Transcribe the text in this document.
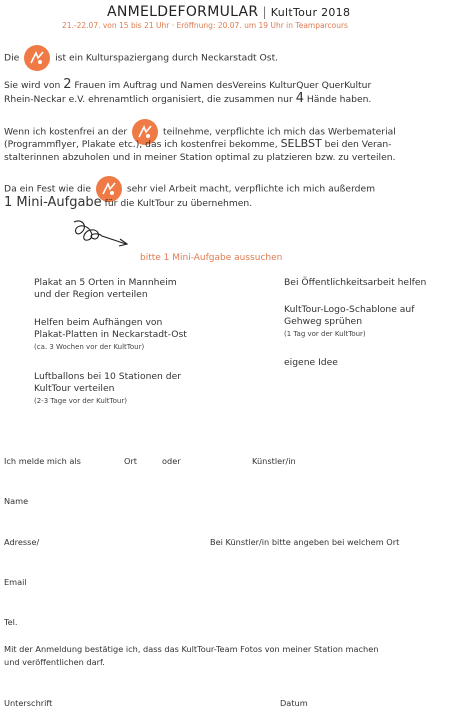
ANMELDEFORMULAR | KultTour 2018
21.-22.07. von 15 bis 21 Uhr · Eröffnung: 20.07. um 19 Uhr in Teamparcours
Die	ist ein Kulturspaziergang durch Neckarstadt Ost.
Sie wird von 2 Frauen im Auftrag und Namen desVereins KulturQuer QuerKultur
Rhein-Neckar e.V. ehrenamtlich organisiert, die zusammen nur 4 Hände haben.
Wenn ich kostenfrei an der	teilnehme, verpflichte ich mich das Werbematerial
(Programmflyer, Plakate etc.), das ich kostenfrei bekomme, SELBST bei den Veran-
stalterinnen abzuholen und in meiner Station optimal zu platzieren bzw. zu verteilen.
Da ein Fest wie die	sehr viel Arbeit macht, verpflichte ich mich außerdem
1 Mini-Aufgabe für die KultTour zu übernehmen.
bitte 1 Mini-Aufgabe aussuchen
Plakat an 5 Orten in Mannheim
und der Region verteilen
Helfen beim Aufhängen von
Plakat-Platten in Neckarstadt-Ost
(ca. 3 Wochen vor der KultTour)
Luftballons bei 10 Stationen der
KultTour verteilen
(2-3 Tage vor der KultTour)
Bei Öffentlichkeitsarbeit helfen
KultTour-Logo-Schablone auf
Gehweg sprühen
(1 Tag vor der KultTour)
eigene Idee
Ich melde mich als	Ort	oder	Künstler/in
Name
Adresse/	Bei Künstler/in bitte angeben bei welchem Ort
Email
Tel.
Mit der Anmeldung bestätige ich, dass das KultTour-Team Fotos von meiner Station machen
und veröffentlichen darf.
Unterschrift	Datum
